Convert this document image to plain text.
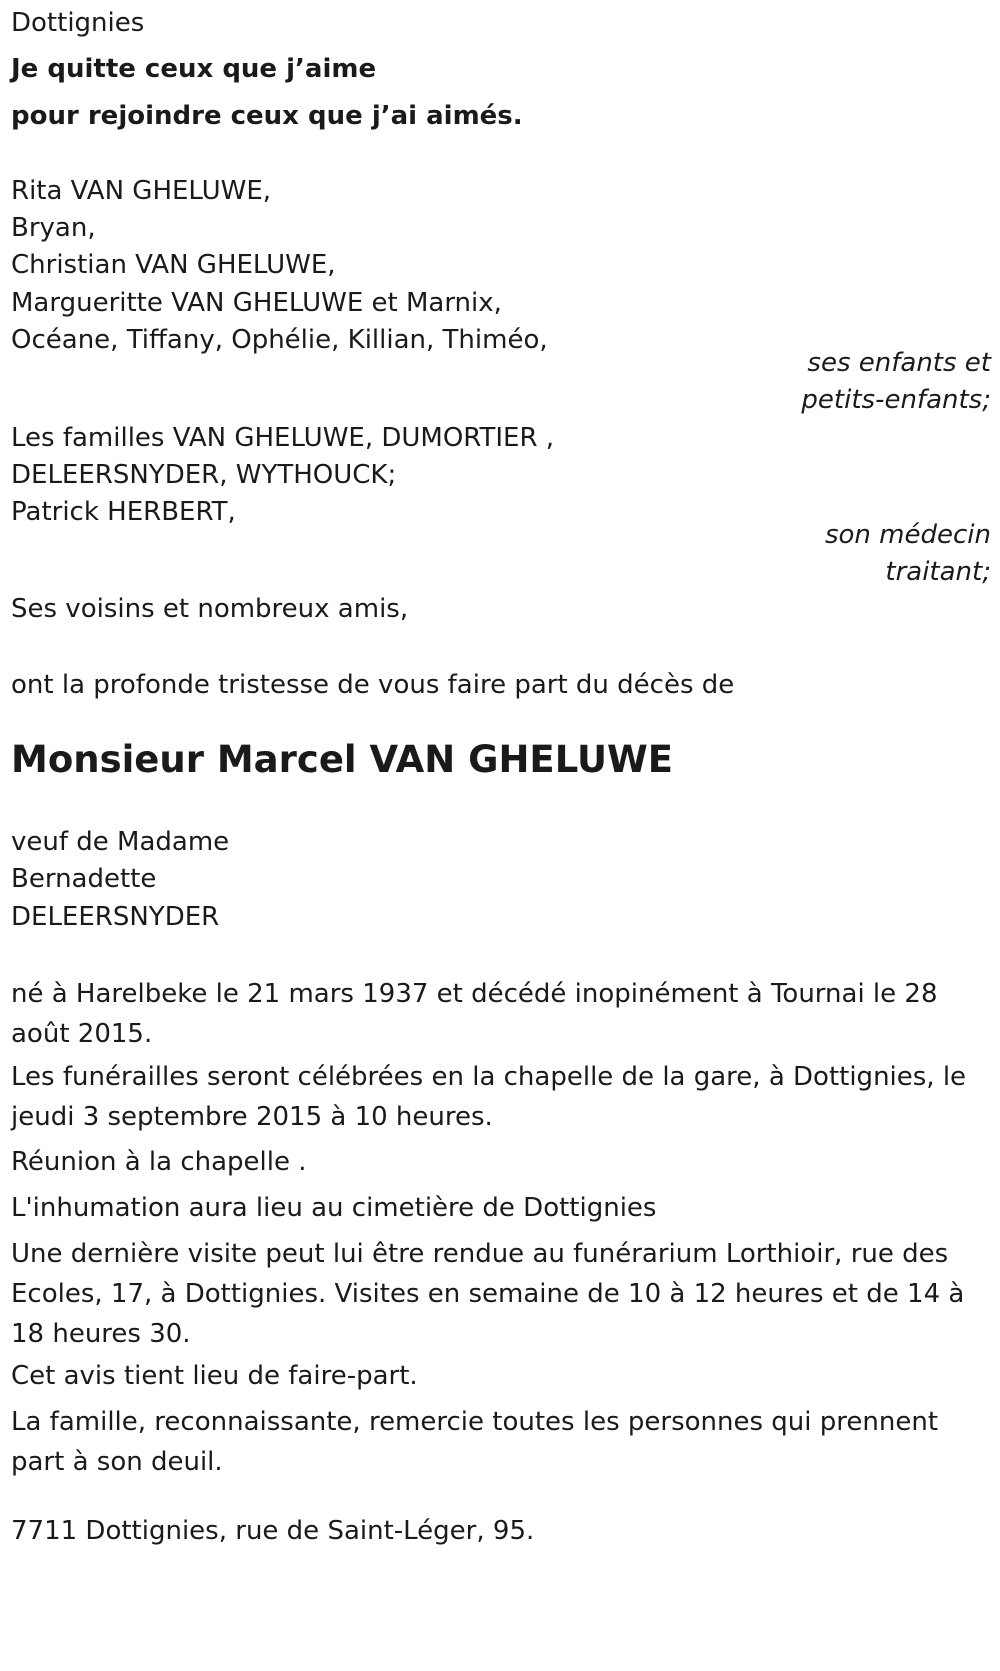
Dottignies
Je quitte ceux que j’aime
pour rejoindre ceux que j’ai aimés.
Rita VAN GHELUWE,
Bryan,
Christian VAN GHELUWE,
Margueritte VAN GHELUWE et Marnix,
Océane, Tiffany, Ophélie, Killian, Thiméo,
ses enfants et
petits-enfants;
Les familles VAN GHELUWE, DUMORTIER ,
DELEERSNYDER, WYTHOUCK;
Patrick HERBERT,
son médecin
traitant;
Ses voisins et nombreux amis,
ont la profonde tristesse de vous faire part du décès de
Monsieur Marcel VAN GHELUWE
veuf de Madame
Bernadette
DELEERSNYDER
né à Harelbeke le 21 mars 1937 et décédé inopinément à Tournai le 28 août 2015.
Les funérailles seront célébrées en la chapelle de la gare, à Dottignies, le jeudi 3 septembre 2015 à 10 heures.
Réunion à la chapelle .
L'inhumation aura lieu au cimetière de Dottignies
Une dernière visite peut lui être rendue au funérarium Lorthioir, rue des Ecoles, 17, à Dottignies. Visites en semaine de 10 à 12 heures et de 14 à 18 heures 30.
Cet avis tient lieu de faire-part.
La famille, reconnaissante, remercie toutes les personnes qui prennent part à son deuil.
7711 Dottignies, rue de Saint-Léger, 95.
